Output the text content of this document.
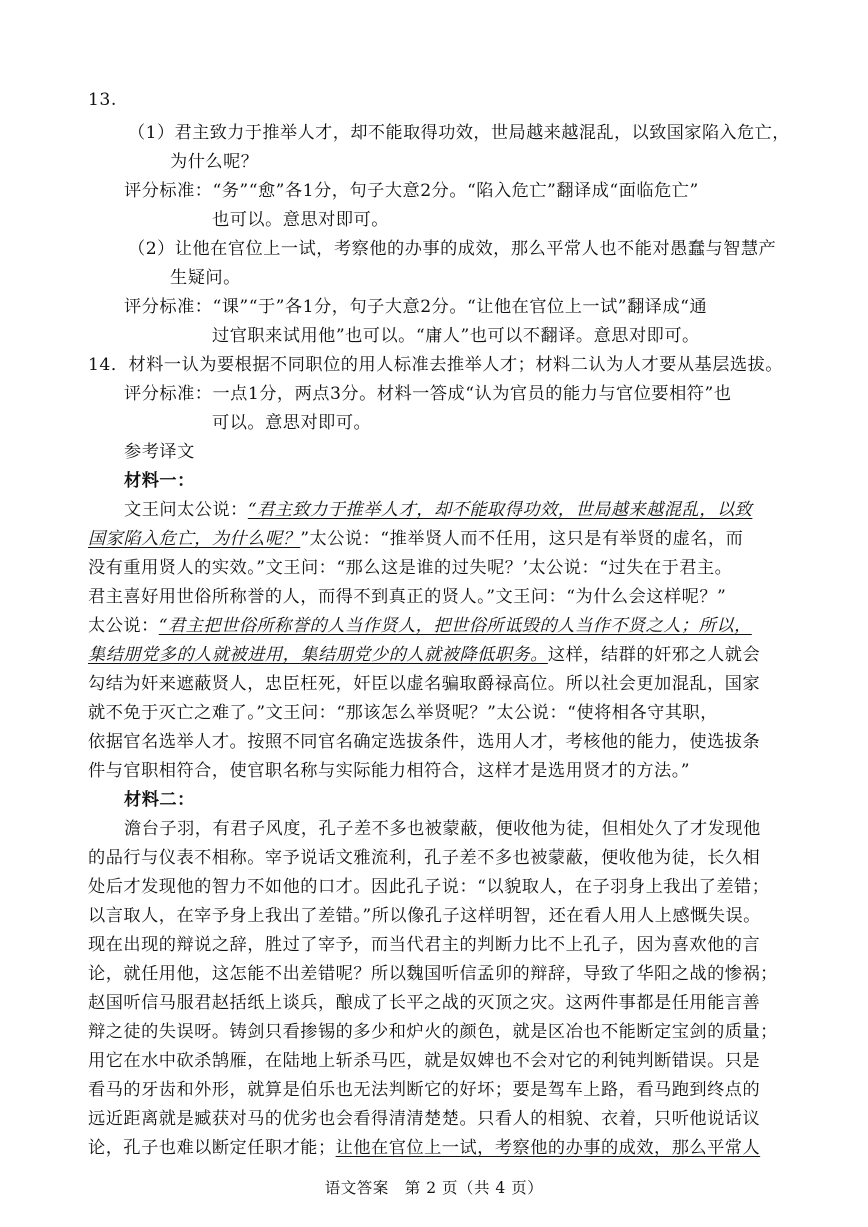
13.
（1）君主致力于推举人才，却不能取得功效，世局越来越混乱，以致国家陷入危亡，
为什么呢？
评分标准：“务”“愈”各1分，句子大意2分。“陷入危亡”翻译成“面临危亡”
也可以。意思对即可。
（2）让他在官位上一试，考察他的办事的成效，那么平常人也不能对愚蠢与智慧产
生疑问。
评分标准：“课”“于”各1分，句子大意2分。“让他在官位上一试”翻译成“通
过官职来试用他”也可以。“庸人”也可以不翻译。意思对即可。
14．材料一认为要根据不同职位的用人标准去推举人才；材料二认为人才要从基层选拔。
评分标准：一点1分，两点3分。材料一答成“认为官员的能力与官位要相符”也
可以。意思对即可。
参考译文
材料一：
文王问太公说：“君主致力于推举人才，却不能取得功效，世局越来越混乱，以致
国家陷入危亡，为什么呢？”太公说：“推举贤人而不任用，这只是有举贤的虚名，而
没有重用贤人的实效。”文王问：“那么这是谁的过失呢？’太公说：“过失在于君主。
君主喜好用世俗所称誉的人，而得不到真正的贤人。”文王问：“为什么会这样呢？”
太公说：“君主把世俗所称誉的人当作贤人，把世俗所诋毁的人当作不贤之人；所以，
集结朋党多的人就被进用，集结朋党少的人就被降低职务。这样，结群的奸邪之人就会
勾结为奸来遮蔽贤人，忠臣枉死，奸臣以虚名骗取爵禄高位。所以社会更加混乱，国家
就不免于灭亡之难了。”文王问：“那该怎么举贤呢？”太公说：“使将相各守其职，
依据官名选举人才。按照不同官名确定选拔条件，选用人才，考核他的能力，使选拔条
件与官职相符合，使官职名称与实际能力相符合，这样才是选用贤才的方法。”
材料二：
澹台子羽，有君子风度，孔子差不多也被蒙蔽，便收他为徒，但相处久了才发现他
的品行与仪表不相称。宰予说话文雅流利，孔子差不多也被蒙蔽，便收他为徒，长久相
处后才发现他的智力不如他的口才。因此孔子说：“以貌取人，在子羽身上我出了差错；
以言取人，在宰予身上我出了差错。”所以像孔子这样明智，还在看人用人上感慨失误。
现在出现的辩说之辞，胜过了宰予，而当代君主的判断力比不上孔子，因为喜欢他的言
论，就任用他，这怎能不出差错呢？所以魏国听信孟卯的辩辞，导致了华阳之战的惨祸；
赵国听信马服君赵括纸上谈兵，酿成了长平之战的灭顶之灾。这两件事都是任用能言善
辩之徒的失误呀。铸剑只看掺锡的多少和炉火的颜色，就是区冶也不能断定宝剑的质量；
用它在水中砍杀鹄雁，在陆地上斩杀马匹，就是奴婢也不会对它的利钝判断错误。只是
看马的牙齿和外形，就算是伯乐也无法判断它的好坏；要是驾车上路，看马跑到终点的
远近距离就是臧获对马的优劣也会看得清清楚楚。只看人的相貌、衣着，只听他说话议
论，孔子也难以断定任职才能；让他在官位上一试，考察他的办事的成效，那么平常人
语文答案　第 2 页（共 4 页）
